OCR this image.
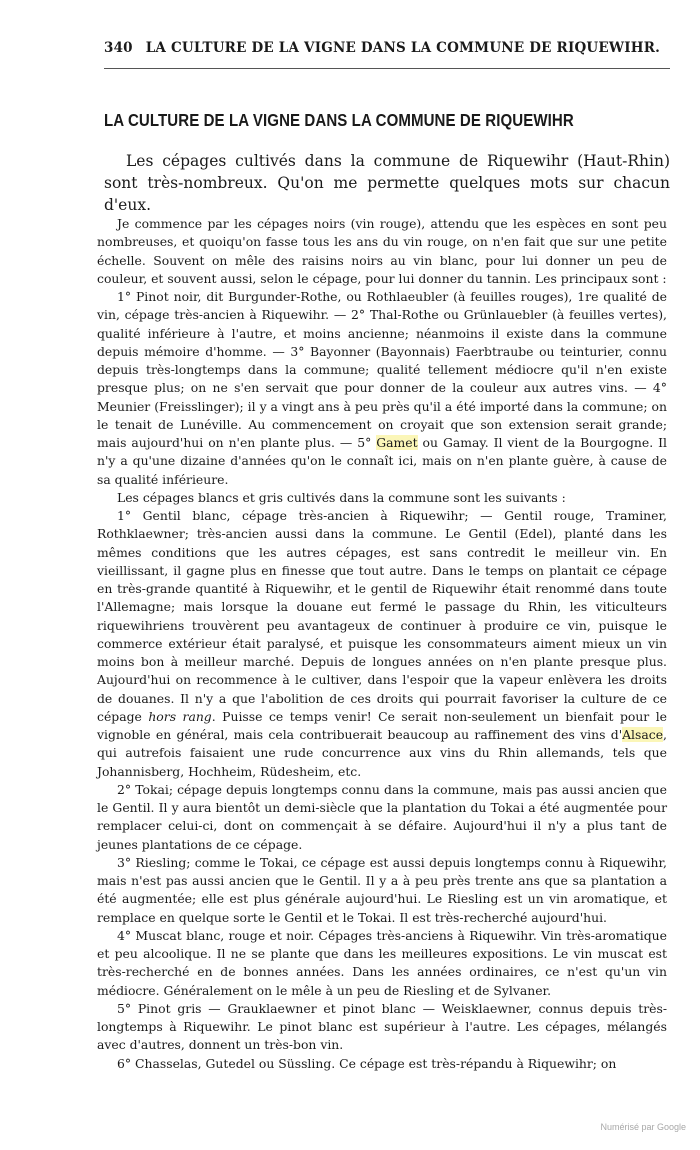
340 LA CULTURE DE LA VIGNE DANS LA COMMUNE DE RIQUEWIHR.
LA CULTURE DE LA VIGNE DANS LA COMMUNE DE RIQUEWIHR
Les cépages cultivés dans la commune de Riquewihr (Haut-Rhin) sont très-nombreux. Qu'on me permette quelques mots sur chacun d'eux.

Je commence par les cépages noirs (vin rouge), attendu que les espèces en sont peu nombreuses, et quoiqu'on fasse tous les ans du vin rouge, on n'en fait que sur une petite échelle. Souvent on mêle des raisins noirs au vin blanc, pour lui donner un peu de couleur, et souvent aussi, selon le cépage, pour lui donner du tannin. Les principaux sont :

1° Pinot noir, dit Burgunder-Rothe, ou Rothlaeubler (à feuilles rouges), 1re qualité de vin, cépage très-ancien à Riquewihr. — 2° Thal-Rothe ou Grünlauebler (à feuilles vertes), qualité inférieure à l'autre, et moins ancienne; néanmoins il existe dans la commune depuis mémoire d'homme. — 3° Bayonner (Bayonnais) Faerbtraube ou teinturier, connu depuis très-longtemps dans la commune; qualité tellement médiocre qu'il n'en existe presque plus; on ne s'en servait que pour donner de la couleur aux autres vins. — 4° Meunier (Freisslinger); il y a vingt ans à peu près qu'il a été importé dans la commune; on le tenait de Lunéville. Au commencement on croyait que son extension serait grande; mais aujourd'hui on n'en plante plus. — 5° Gamet ou Gamay. Il vient de la Bourgogne. Il n'y a qu'une dizaine d'années qu'on le connaît ici, mais on n'en plante guère, à cause de sa qualité inférieure.

Les cépages blancs et gris cultivés dans la commune sont les suivants :

1° Gentil blanc, cépage très-ancien à Riquewihr; — Gentil rouge, Traminer, Rothklaewner; très-ancien aussi dans la commune. Le Gentil (Edel), planté dans les mêmes conditions que les autres cépages, est sans contredit le meilleur vin. En vieillissant, il gagne plus en finesse que tout autre. Dans le temps on plantait ce cépage en très-grande quantité à Riquewihr, et le gentil de Riquewihr était renommé dans toute l'Allemagne; mais lorsque la douane eut fermé le passage du Rhin, les viticulteurs riquewihriens trouvèrent peu avantageux de continuer à produire ce vin, puisque le commerce extérieur était paralysé, et puisque les consommateurs aiment mieux un vin moins bon à meilleur marché. Depuis de longues années on n'en plante presque plus. Aujourd'hui on recommence à le cultiver, dans l'espoir que la vapeur enlèvera les droits de douanes. Il n'y a que l'abolition de ces droits qui pourrait favoriser la culture de ce cépage hors rang. Puisse ce temps venir! Ce serait non-seulement un bienfait pour le vignoble en général, mais cela contribuerait beaucoup au raffinement des vins d'Alsace, qui autrefois faisaient une rude concurrence aux vins du Rhin allemands, tels que Johannisberg, Hochheim, Rüdesheim, etc.

2° Tokai; cépage depuis longtemps connu dans la commune, mais pas aussi ancien que le Gentil. Il y aura bientôt un demi-siècle que la plantation du Tokai a été augmentée pour remplacer celui-ci, dont on commençait à se défaire. Aujourd'hui il n'y a plus tant de jeunes plantations de ce cépage.

3° Riesling; comme le Tokai, ce cépage est aussi depuis longtemps connu à Riquewihr, mais n'est pas aussi ancien que le Gentil. Il y a à peu près trente ans que sa plantation a été augmentée; elle est plus générale aujourd'hui. Le Riesling est un vin aromatique, et remplace en quelque sorte le Gentil et le Tokai. Il est très-recherché aujourd'hui.

4° Muscat blanc, rouge et noir. Cépages très-anciens à Riquewihr. Vin très-aromatique et peu alcoolique. Il ne se plante que dans les meilleures expositions. Le vin muscat est très-recherché en de bonnes années. Dans les années ordinaires, ce n'est qu'un vin médiocre. Généralement on le mêle à un peu de Riesling et de Sylvaner.

5° Pinot gris — Grauklaewner et pinot blanc — Weisklaewner, connus depuis très-longtemps à Riquewihr. Le pinot blanc est supérieur à l'autre. Les cépages, mélangés avec d'autres, donnent un très-bon vin.

6° Chasselas, Gutedel ou Süssling. Ce cépage est très-répandu à Riquewihr; on

Numérisé par Google
